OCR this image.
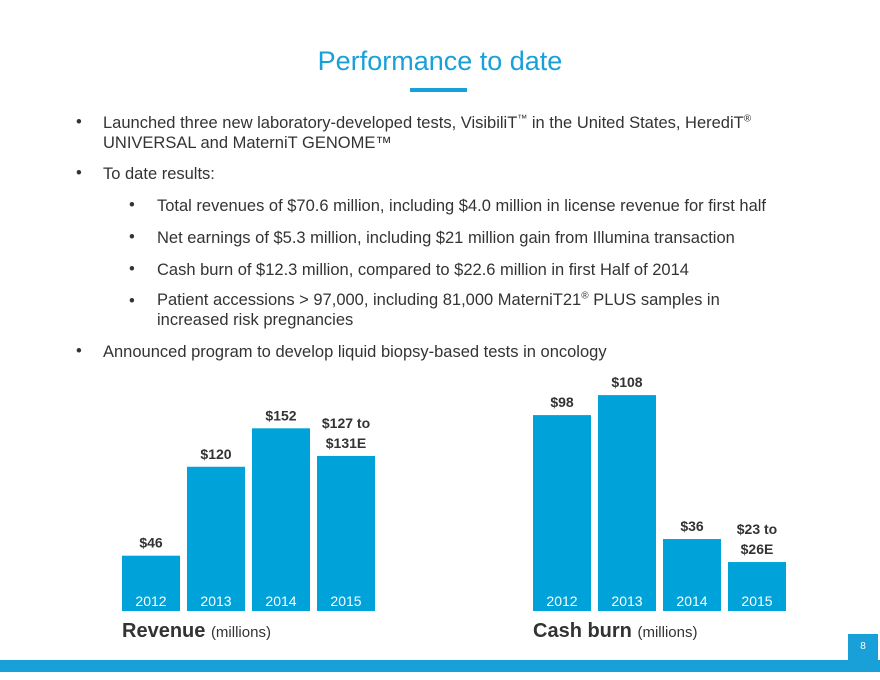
Performance to date
• Launched three new laboratory-developed tests, VisibiliT™ in the United States, HerediT®
UNIVERSAL and MaterniT GENOME™
• To date results:
• Total revenues of $70.6 million, including $4.0 million in license revenue for first half
• Net earnings of $5.3 million, including $21 million gain from Illumina transaction
• Cash burn of $12.3 million, compared to $22.6 million in first Half of 2014
• Patient accessions > 97,000, including 81,000 MaterniT21® PLUS samples in
increased risk pregnancies
• Announced program to develop liquid biopsy-based tests in oncology
2012
$46
2013
$120
2014
$152
2015
$127 to
$131E
2012
$98
2013
$108
2014
$36
2015
$23 to
$26E
Revenue (millions)	Cash burn (millions)
8
